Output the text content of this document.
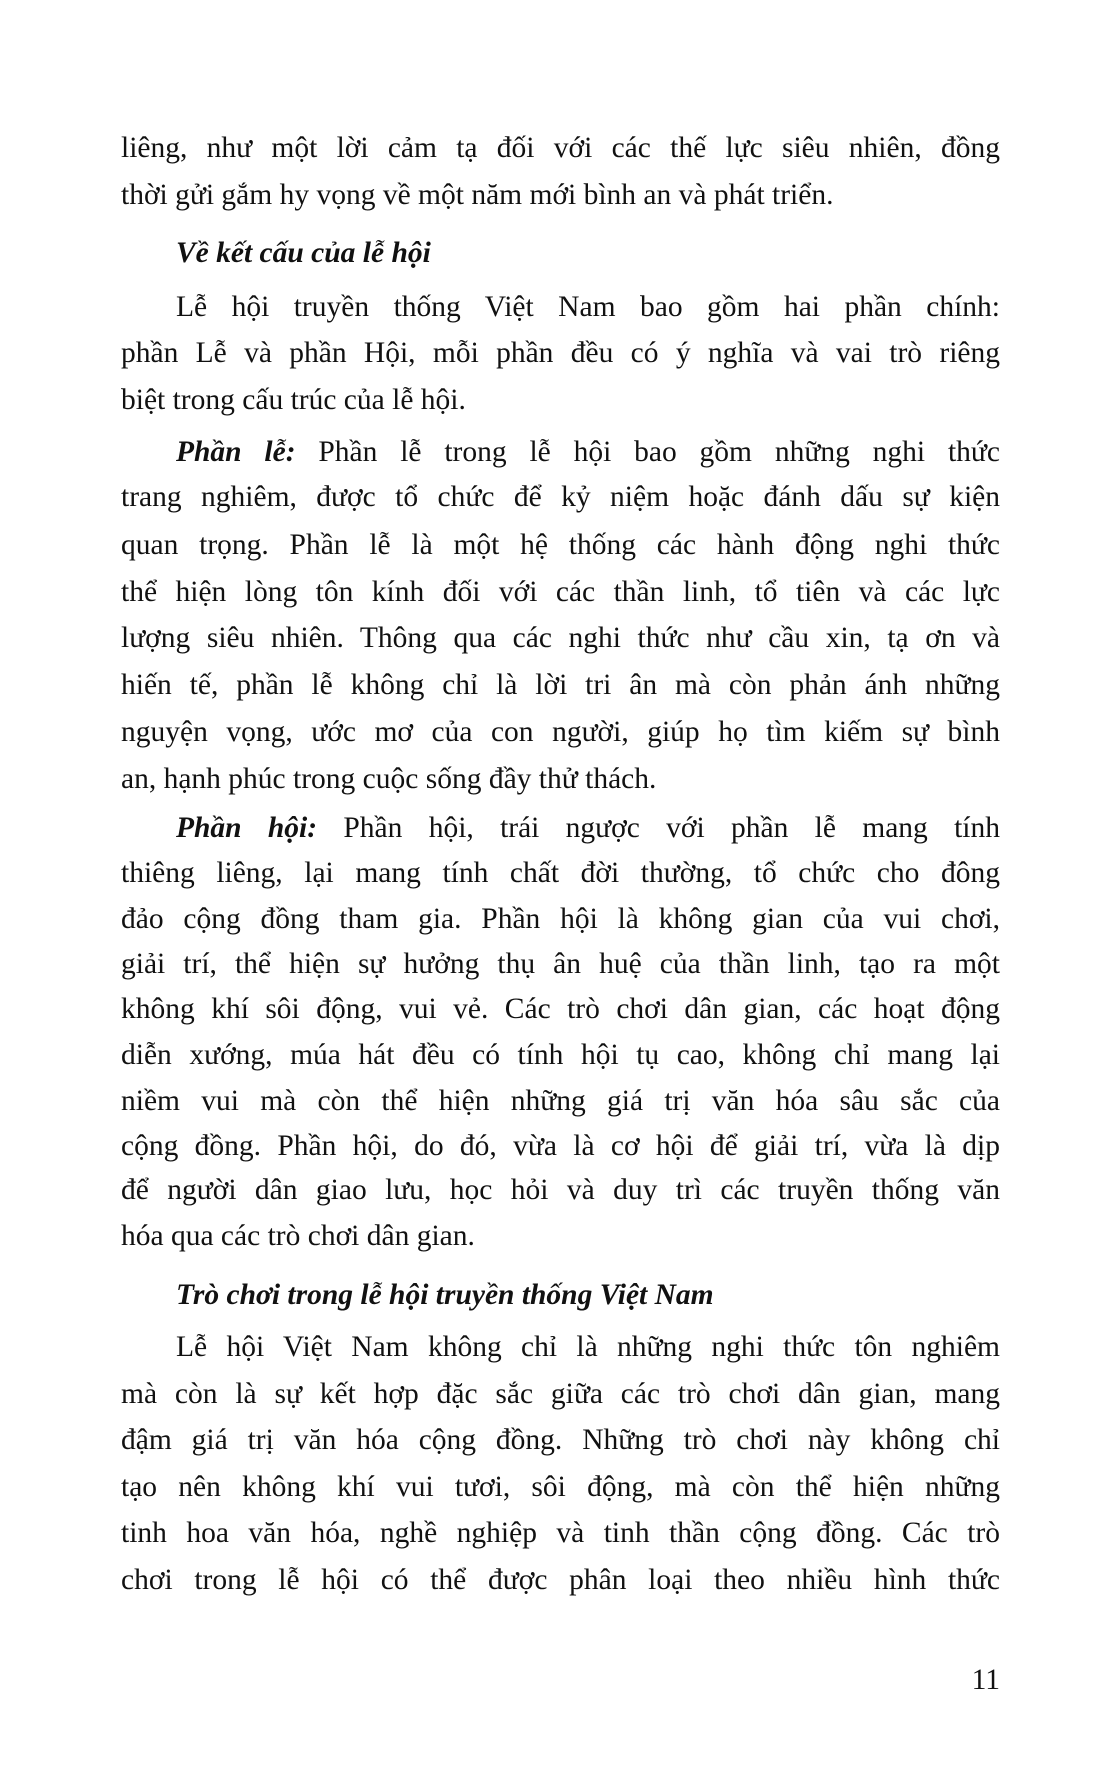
liêng, như một lời cảm tạ đối với các thế lực siêu nhiên, đồng
thời gửi gắm hy vọng về một năm mới bình an và phát triển.
Về kết cấu của lễ hội
Lễ hội truyền thống Việt Nam bao gồm hai phần chính:
phần Lễ và phần Hội, mỗi phần đều có ý nghĩa và vai trò riêng
biệt trong cấu trúc của lễ hội.
Phần lễ: Phần lễ trong lễ hội bao gồm những nghi thức
trang nghiêm, được tổ chức để kỷ niệm hoặc đánh dấu sự kiện
quan trọng. Phần lễ là một hệ thống các hành động nghi thức
thể hiện lòng tôn kính đối với các thần linh, tổ tiên và các lực
lượng siêu nhiên. Thông qua các nghi thức như cầu xin, tạ ơn và
hiến tế, phần lễ không chỉ là lời tri ân mà còn phản ánh những
nguyện vọng, ước mơ của con người, giúp họ tìm kiếm sự bình
an, hạnh phúc trong cuộc sống đầy thử thách.
Phần hội: Phần hội, trái ngược với phần lễ mang tính
thiêng liêng, lại mang tính chất đời thường, tổ chức cho đông
đảo cộng đồng tham gia. Phần hội là không gian của vui chơi,
giải trí, thể hiện sự hưởng thụ ân huệ của thần linh, tạo ra một
không khí sôi động, vui vẻ. Các trò chơi dân gian, các hoạt động
diễn xướng, múa hát đều có tính hội tụ cao, không chỉ mang lại
niềm vui mà còn thể hiện những giá trị văn hóa sâu sắc của
cộng đồng. Phần hội, do đó, vừa là cơ hội để giải trí, vừa là dịp
để người dân giao lưu, học hỏi và duy trì các truyền thống văn
hóa qua các trò chơi dân gian.
Trò chơi trong lễ hội truyền thống Việt Nam
Lễ hội Việt Nam không chỉ là những nghi thức tôn nghiêm
mà còn là sự kết hợp đặc sắc giữa các trò chơi dân gian, mang
đậm giá trị văn hóa cộng đồng. Những trò chơi này không chỉ
tạo nên không khí vui tươi, sôi động, mà còn thể hiện những
tinh hoa văn hóa, nghề nghiệp và tinh thần cộng đồng. Các trò
chơi trong lễ hội có thể được phân loại theo nhiều hình thức
11
